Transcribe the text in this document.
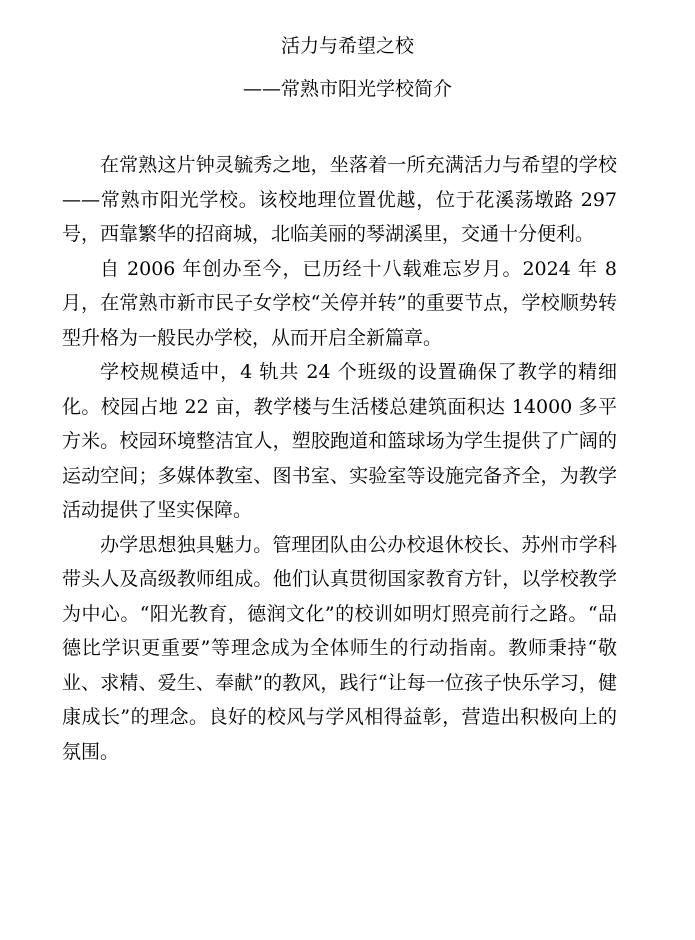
活力与希望之校
——常熟市阳光学校简介

在常熟这片钟灵毓秀之地，坐落着一所充满活力与希望的学校——常熟市阳光学校。该校地理位置优越，位于花溪荡墩路 297 号，西靠繁华的招商城，北临美丽的琴湖溪里，交通十分便利。

自 2006 年创办至今，已历经十八载难忘岁月。2024 年 8 月，在常熟市新市民子女学校“关停并转”的重要节点，学校顺势转型升格为一般民办学校，从而开启全新篇章。

学校规模适中，4 轨共 24 个班级的设置确保了教学的精细化。校园占地 22 亩，教学楼与生活楼总建筑面积达 14000 多平方米。校园环境整洁宜人，塑胶跑道和篮球场为学生提供了广阔的运动空间；多媒体教室、图书室、实验室等设施完备齐全，为教学活动提供了坚实保障。

办学思想独具魅力。管理团队由公办校退休校长、苏州市学科带头人及高级教师组成。他们认真贯彻国家教育方针，以学校教学为中心。“阳光教育，德润文化”的校训如明灯照亮前行之路。“品德比学识更重要”等理念成为全体师生的行动指南。教师秉持“敬业、求精、爱生、奉献”的教风，践行“让每一位孩子快乐学习，健康成长”的理念。良好的校风与学风相得益彰，营造出积极向上的氛围。
